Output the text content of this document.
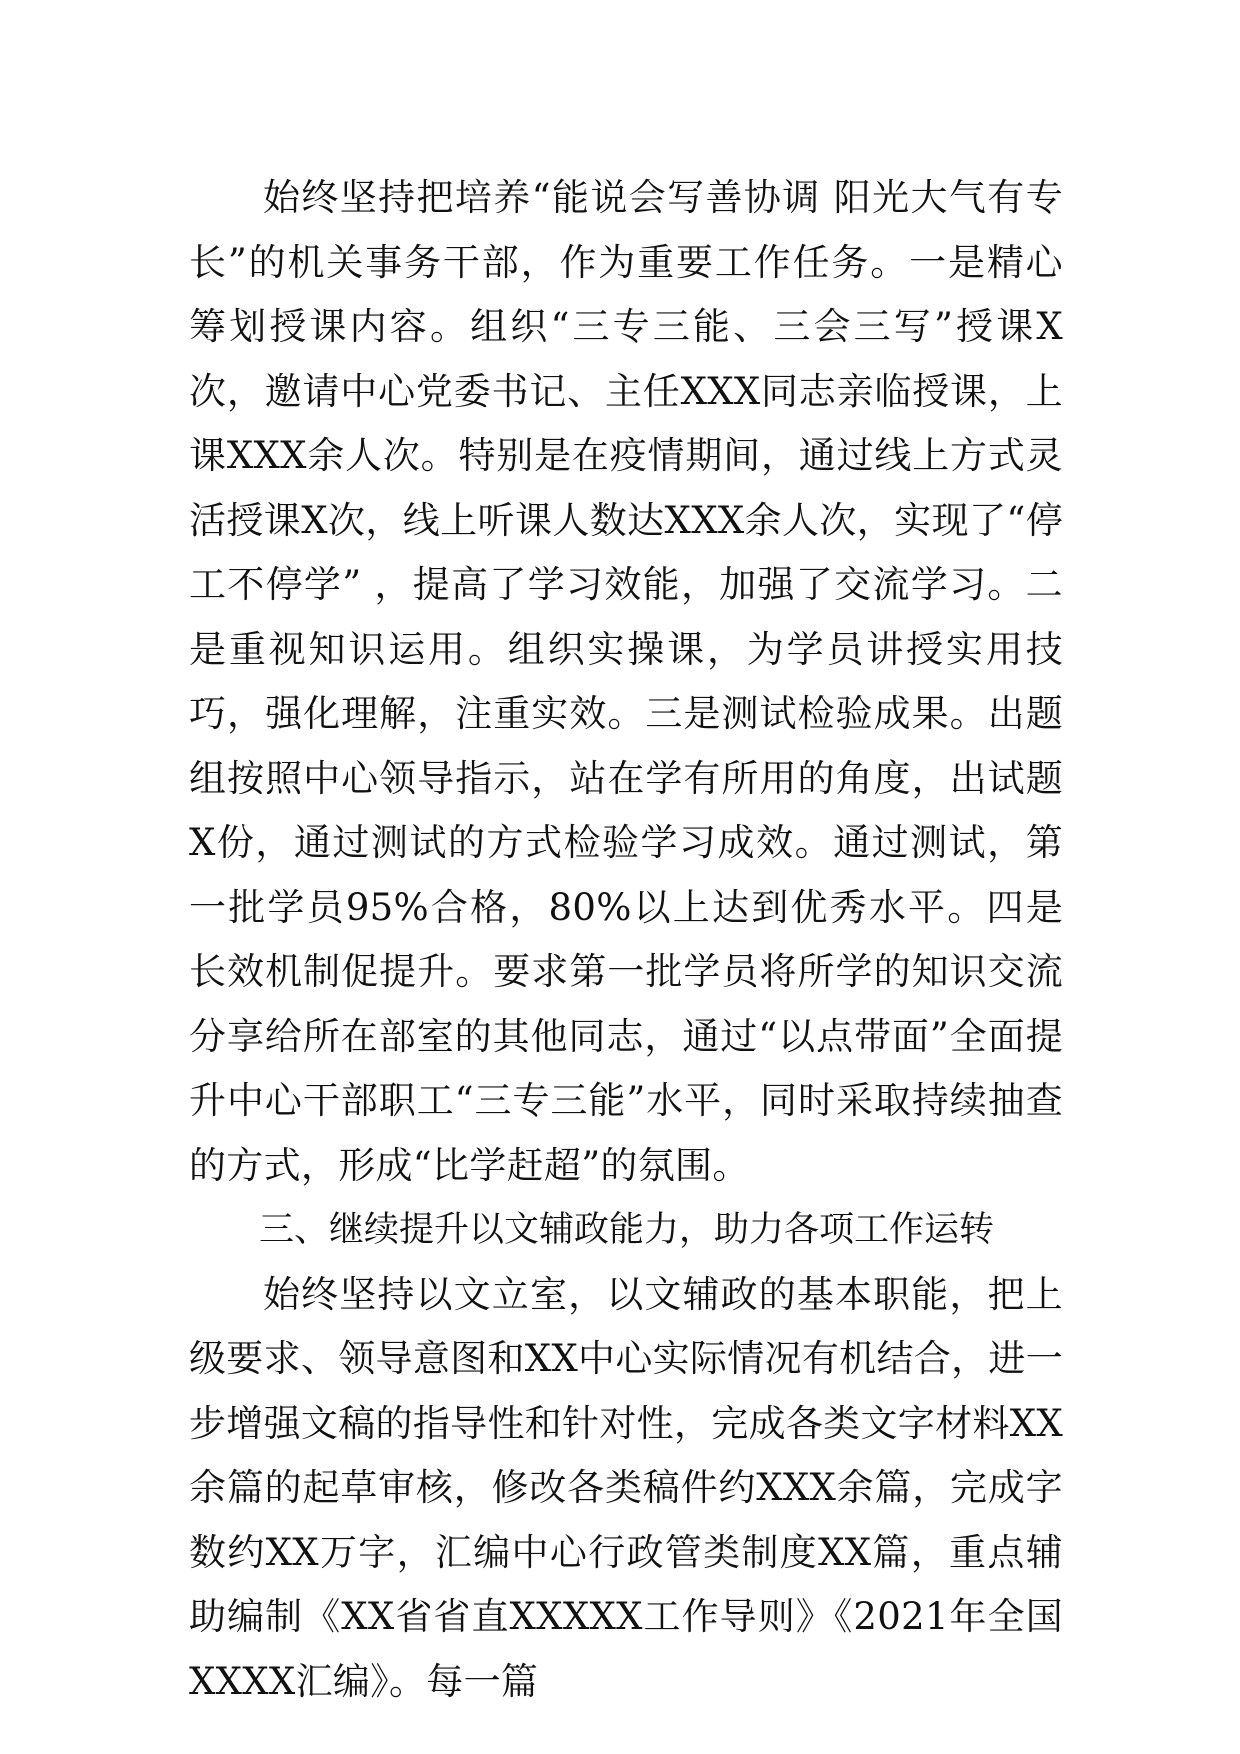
始终坚持把培养“能说会写善协调 阳光大气有专长”的机关事务干部，作为重要工作任务。一是精心筹划授课内容。组织“三专三能、三会三写”授课X次，邀请中心党委书记、主任XXX同志亲临授课，上课XXX余人次。特别是在疫情期间，通过线上方式灵活授课X次，线上听课人数达XXX余人次，实现了“停工不停学” ，提高了学习效能，加强了交流学习。二是重视知识运用。组织实操课，为学员讲授实用技巧，强化理解，注重实效。三是测试检验成果。出题组按照中心领导指示，站在学有所用的角度，出试题X份，通过测试的方式检验学习成效。通过测试，第一批学员95%合格，80%以上达到优秀水平。四是长效机制促提升。要求第一批学员将所学的知识交流分享给所在部室的其他同志，通过“以点带面”全面提升中心干部职工“三专三能”水平，同时采取持续抽查的方式，形成“比学赶超”的氛围。

三、继续提升以文辅政能力，助力各项工作运转

始终坚持以文立室，以文辅政的基本职能，把上级要求、领导意图和XX中心实际情况有机结合，进一步增强文稿的指导性和针对性，完成各类文字材料XX余篇的起草审核，修改各类稿件约XXX余篇，完成字数约XX万字，汇编中心行政管类制度XX篇，重点辅助编制《XX省省直XXXXX工作导则》《2021年全国XXXX汇编》。每一篇
